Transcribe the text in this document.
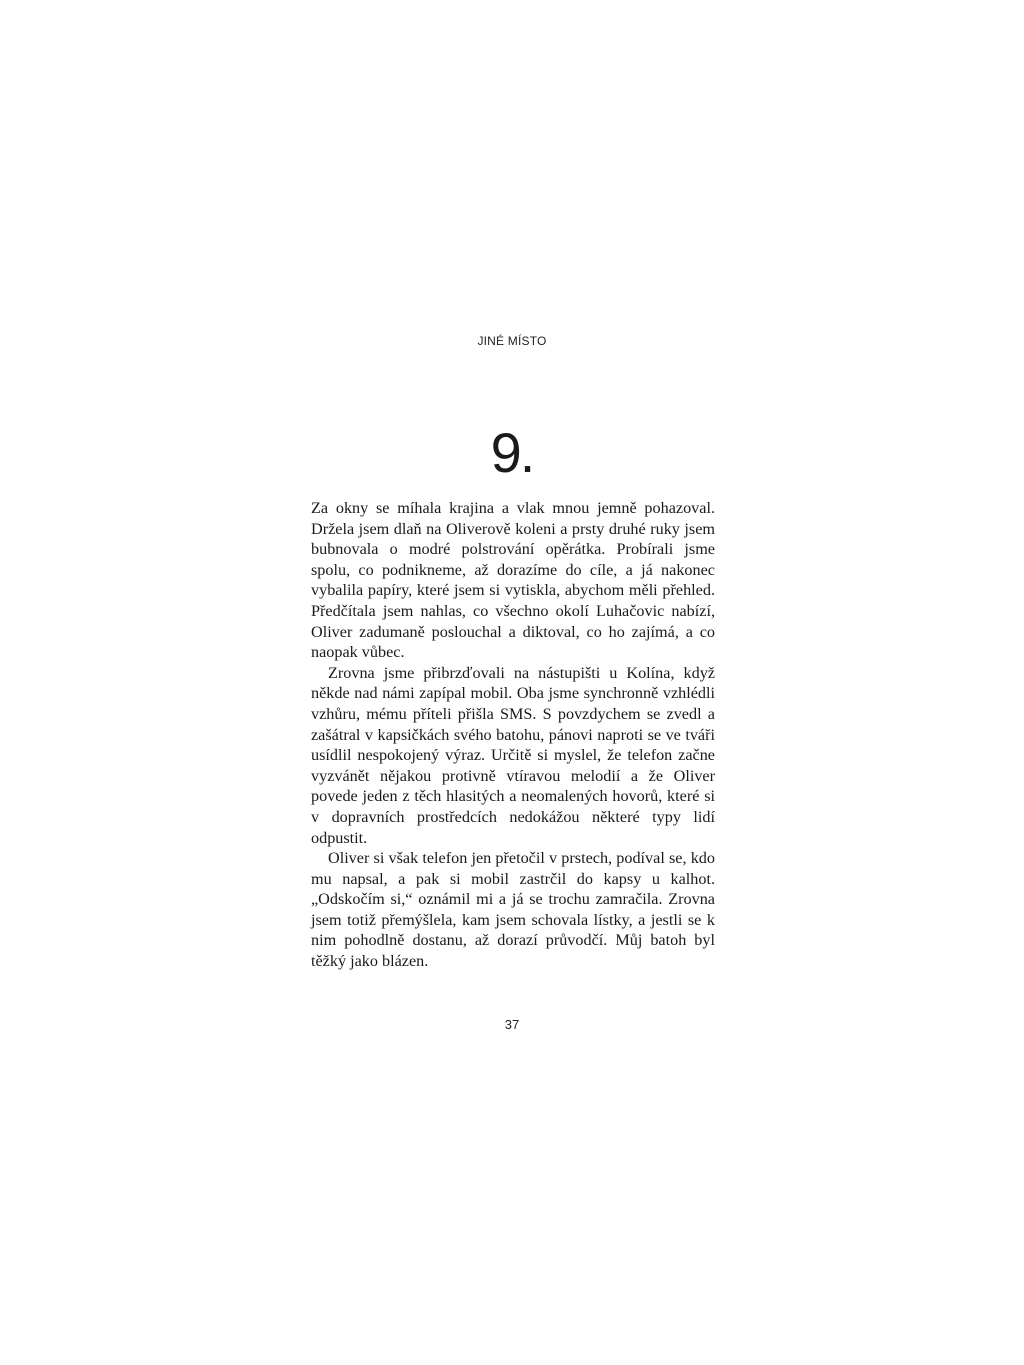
JINÉ MÍSTO
9.

Za okny se míhala krajina a vlak mnou jemně pohazoval. Držela jsem dlaň na Oliverově koleni a prsty druhé ruky jsem bubnovala o modré polstrování opěrátka. Probírali jsme spolu, co podnikneme, až dorazíme do cíle, a já nakonec vybalila papíry, které jsem si vytiskla, abychom měli přehled. Předčítala jsem nahlas, co všechno okolí Luhačovic nabízí, Oliver zadumaně poslouchal a diktoval, co ho zajímá, a co naopak vůbec.

Zrovna jsme přibrzďovali na nástupišti u Kolína, když někde nad námi zapípal mobil. Oba jsme synchronně vzhlédli vzhůru, mému příteli přišla SMS. S povzdychem se zvedl a zašátral v kapsičkách svého batohu, pánovi naproti se ve tváři usídlil nespokojený výraz. Určitě si myslel, že telefon začne vyzvánět nějakou protivně vtíravou melodií a že Oliver povede jeden z těch hlasitých a neomalených hovorů, které si v dopravních prostředcích nedokážou některé typy lidí odpustit.

Oliver si však telefon jen přetočil v prstech, podíval se, kdo mu napsal, a pak si mobil zastrčil do kapsy u kalhot. „Odskočím si,“ oznámil mi a já se trochu zamračila. Zrovna jsem totiž přemýšlela, kam jsem schovala lístky, a jestli se k nim pohodlně dostanu, až dorazí průvodčí. Můj batoh byl těžký jako blázen.

37
